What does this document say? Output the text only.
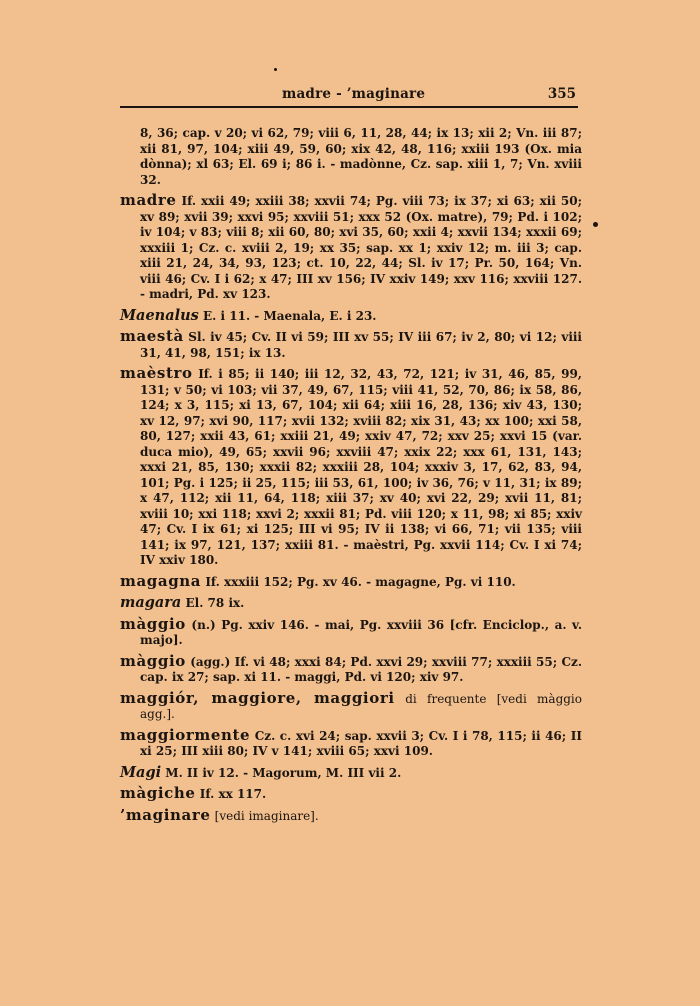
madre - ’maginare	355
8, 36; cap. v 20; vi 62, 79; viii 6, 11, 28, 44; ix 13; xii 2; Vn. iii 87; xii 81, 97, 104; xiii 49, 59, 60; xix 42, 48, 116; xxiii 193 (Ox. mia dònna); xl 63; El. 69 i; 86 i. - madònne, Cz. sap. xiii 1, 7; Vn. xviii 32.
madre If. xxii 49; xxiii 38; xxvii 74; Pg. viii 73; ix 37; xi 63; xii 50; xv 89; xvii 39; xxvi 95; xxviii 51; xxx 52 (Ox. matre), 79; Pd. i 102; iv 104; v 83; viii 8; xii 60, 80; xvi 35, 60; xxii 4; xxvii 134; xxxii 69; xxxiii 1; Cz. c. xviii 2, 19; xx 35; sap. xx 1; xxiv 12; m. iii 3; cap. xiii 21, 24, 34, 93, 123; ct. 10, 22, 44; Sl. iv 17; Pr. 50, 164; Vn. viii 46; Cv. I i 62; x 47; III xv 156; IV xxiv 149; xxv 116; xxviii 127. - madri, Pd. xv 123.
Maenalus E. i 11. - Maenala, E. i 23.
maestà Sl. iv 45; Cv. II vi 59; III xv 55; IV iii 67; iv 2, 80; vi 12; viii 31, 41, 98, 151; ix 13.
maèstro If. i 85; ii 140; iii 12, 32, 43, 72, 121; iv 31, 46, 85, 99, 131; v 50; vi 103; vii 37, 49, 67, 115; viii 41, 52, 70, 86; ix 58, 86, 124; x 3, 115; xi 13, 67, 104; xii 64; xiii 16, 28, 136; xiv 43, 130; xv 12, 97; xvi 90, 117; xvii 132; xviii 82; xix 31, 43; xx 100; xxi 58, 80, 127; xxii 43, 61; xxiii 21, 49; xxiv 47, 72; xxv 25; xxvi 15 (var. duca mio), 49, 65; xxvii 96; xxviii 47; xxix 22; xxx 61, 131, 143; xxxi 21, 85, 130; xxxii 82; xxxiii 28, 104; xxxiv 3, 17, 62, 83, 94, 101; Pg. i 125; ii 25, 115; iii 53, 61, 100; iv 36, 76; v 11, 31; ix 89; x 47, 112; xii 11, 64, 118; xiii 37; xv 40; xvi 22, 29; xvii 11, 81; xviii 10; xxi 118; xxvi 2; xxxii 81; Pd. viii 120; x 11, 98; xi 85; xxiv 47; Cv. I ix 61; xi 125; III vi 95; IV ii 138; vi 66, 71; vii 135; viii 141; ix 97, 121, 137; xxiii 81. - maèstri, Pg. xxvii 114; Cv. I xi 74; IV xxiv 180.
magagna If. xxxiii 152; Pg. xv 46. - magagne, Pg. vi 110.
magara El. 78 ix.
màggio (n.) Pg. xxiv 146. - mai, Pg. xxviii 36 [cfr. Enciclop., a. v. majo].
màggio (agg.) If. vi 48; xxxi 84; Pd. xxvi 29; xxviii 77; xxxiii 55; Cz. cap. ix 27; sap. xi 11. - maggi, Pd. vi 120; xiv 97.
maggiór, maggiore, maggiori di frequente [vedi màggio agg.].
maggiormente Cz. c. xvi 24; sap. xxvii 3; Cv. I i 78, 115; ii 46; II xi 25; III xiii 80; IV v 141; xviii 65; xxvi 109.
Magi M. II iv 12. - Magorum, M. III vii 2.
màgiche If. xx 117.
’maginare [vedi imaginare].
